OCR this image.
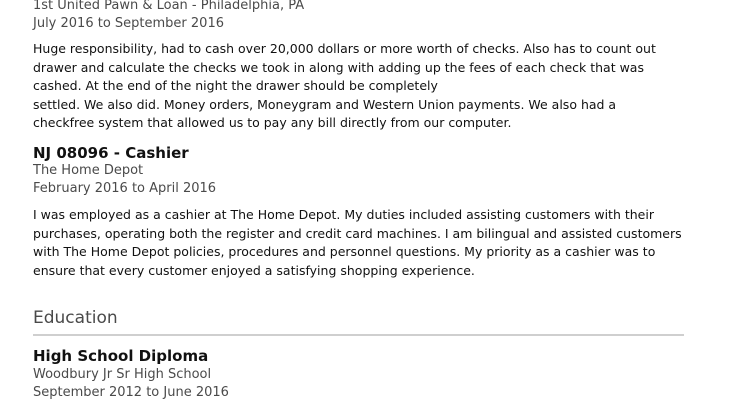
1st United Pawn & Loan - Philadelphia, PA
July 2016 to September 2016
Huge responsibility, had to cash over 20,000 dollars or more worth of checks. Also has to count out
drawer and calculate the checks we took in along with adding up the fees of each check that was
cashed. At the end of the night the drawer should be completely
settled. We also did. Money orders, Moneygram and Western Union payments. We also had a
checkfree system that allowed us to pay any bill directly from our computer.
NJ 08096 - Cashier
The Home Depot
February 2016 to April 2016
I was employed as a cashier at The Home Depot. My duties included assisting customers with their
purchases, operating both the register and credit card machines. I am bilingual and assisted customers
with The Home Depot policies, procedures and personnel questions. My priority as a cashier was to
ensure that every customer enjoyed a satisfying shopping experience.
Education
High School Diploma
Woodbury Jr Sr High School
September 2012 to June 2016
